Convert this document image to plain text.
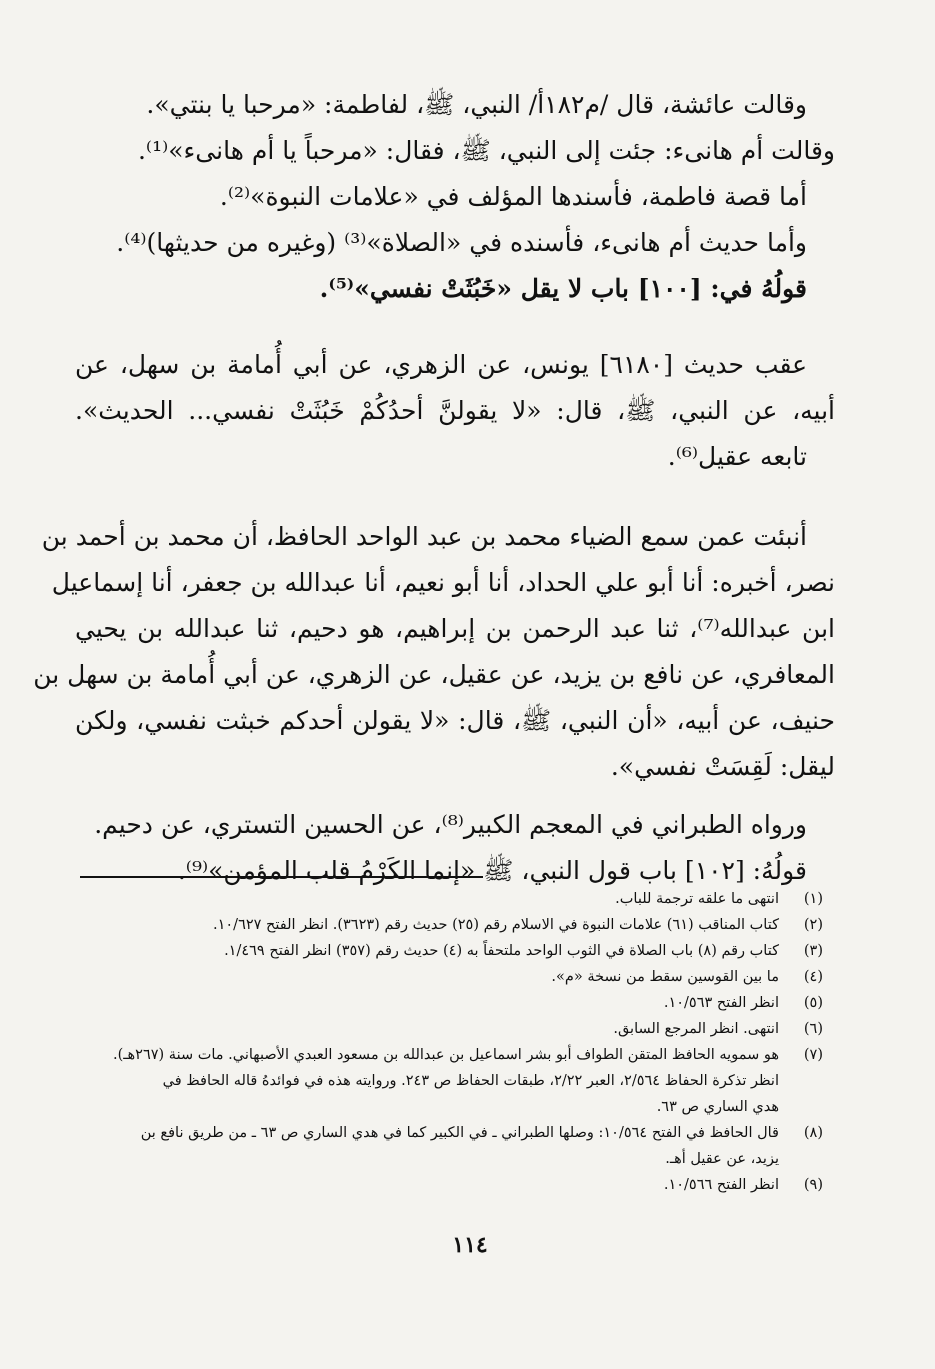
وقالت عائشة، قال /م١٨٢أ/ النبي، ﷺ، لفاطمة: «مرحبا يا بنتي».
وقالت أم هانىء: جئت إلى النبي، ﷺ، فقال: «مرحباً يا أم هانىء»⁽¹⁾.
أما قصة فاطمة، فأسندها المؤلف في «علامات النبوة»⁽²⁾.
وأما حديث أم هانىء، فأسنده في «الصلاة»⁽³⁾ (وغيره من حديثها)⁽⁴⁾.
قولُهُ في: [١٠٠] باب لا يقل «خَبُثَتْ نفسي»⁽⁵⁾.
عقب حديث [٦١٨٠] يونس، عن الزهري، عن أبي أُمامة بن سهل، عن
أبيه، عن النبي، ﷺ، قال: «لا يقولنَّ أحدُكُمْ خَبُثَتْ نفسي... الحديث».
تابعه عقيل⁽⁶⁾.
أنبئت عمن سمع الضياء محمد بن عبد الواحد الحافظ، أن محمد بن أحمد بن
نصر، أخبره: أنا أبو علي الحداد، أنا أبو نعيم، أنا عبدالله بن جعفر، أنا إسماعيل
ابن عبدالله⁽⁷⁾، ثنا عبد الرحمن بن إبراهيم، هو دحيم، ثنا عبدالله بن يحيي
المعافري، عن نافع بن يزيد، عن عقيل، عن الزهري، عن أبي أُمامة بن سهل بن
حنيف، عن أبيه، «أن النبي، ﷺ، قال: «لا يقولن أحدكم خبثت نفسي، ولكن
ليقل: لَقِسَتْ نفسي».
ورواه الطبراني في المعجم الكبير⁽⁸⁾، عن الحسين التستري، عن دحيم.
قولُهُ: [١٠٢] باب قول النبي، ﷺ «إنما الكَرْمُ قلب المؤمن»⁽⁹⁾.
(١)
انتهى ما علقه ترجمة للباب.
(٢)
كتاب المناقب (٦١) علامات النبوة في الاسلام رقم (٢٥) حديث رقم (٣٦٢٣). انظر الفتح ١٠/٦٢٧.
(٣)
كتاب رقم (٨) باب الصلاة في الثوب الواحد ملتحفاً به (٤) حديث رقم (٣٥٧) انظر الفتح ١/٤٦٩.
(٤)
ما بين القوسين سقط من نسخة «م».
(٥)
انظر الفتح ١٠/٥٦٣.
(٦)
انتهى. انظر المرجع السابق.
(٧)
هو سمويه الحافظ المتقن الطواف أبو بشر اسماعيل بن عبدالله بن مسعود العبدي الأصبهاني. مات سنة (٢٦٧هـ).
انظر تذكرة الحفاظ ٢/٥٦٤، العبر ٢/٢٢، طبقات الحفاظ ص ٢٤٣. وروايته هذه في فوائدهُ قاله الحافظ في
هدي الساري ص ٦٣.
(٨)
قال الحافظ في الفتح ١٠/٥٦٤: وصلها الطبراني ـ في الكبير كما في هدي الساري ص ٦٣ ـ من طريق نافع بن
يزيد، عن عقيل أهـ.
(٩)
انظر الفتح ١٠/٥٦٦.
١١٤
